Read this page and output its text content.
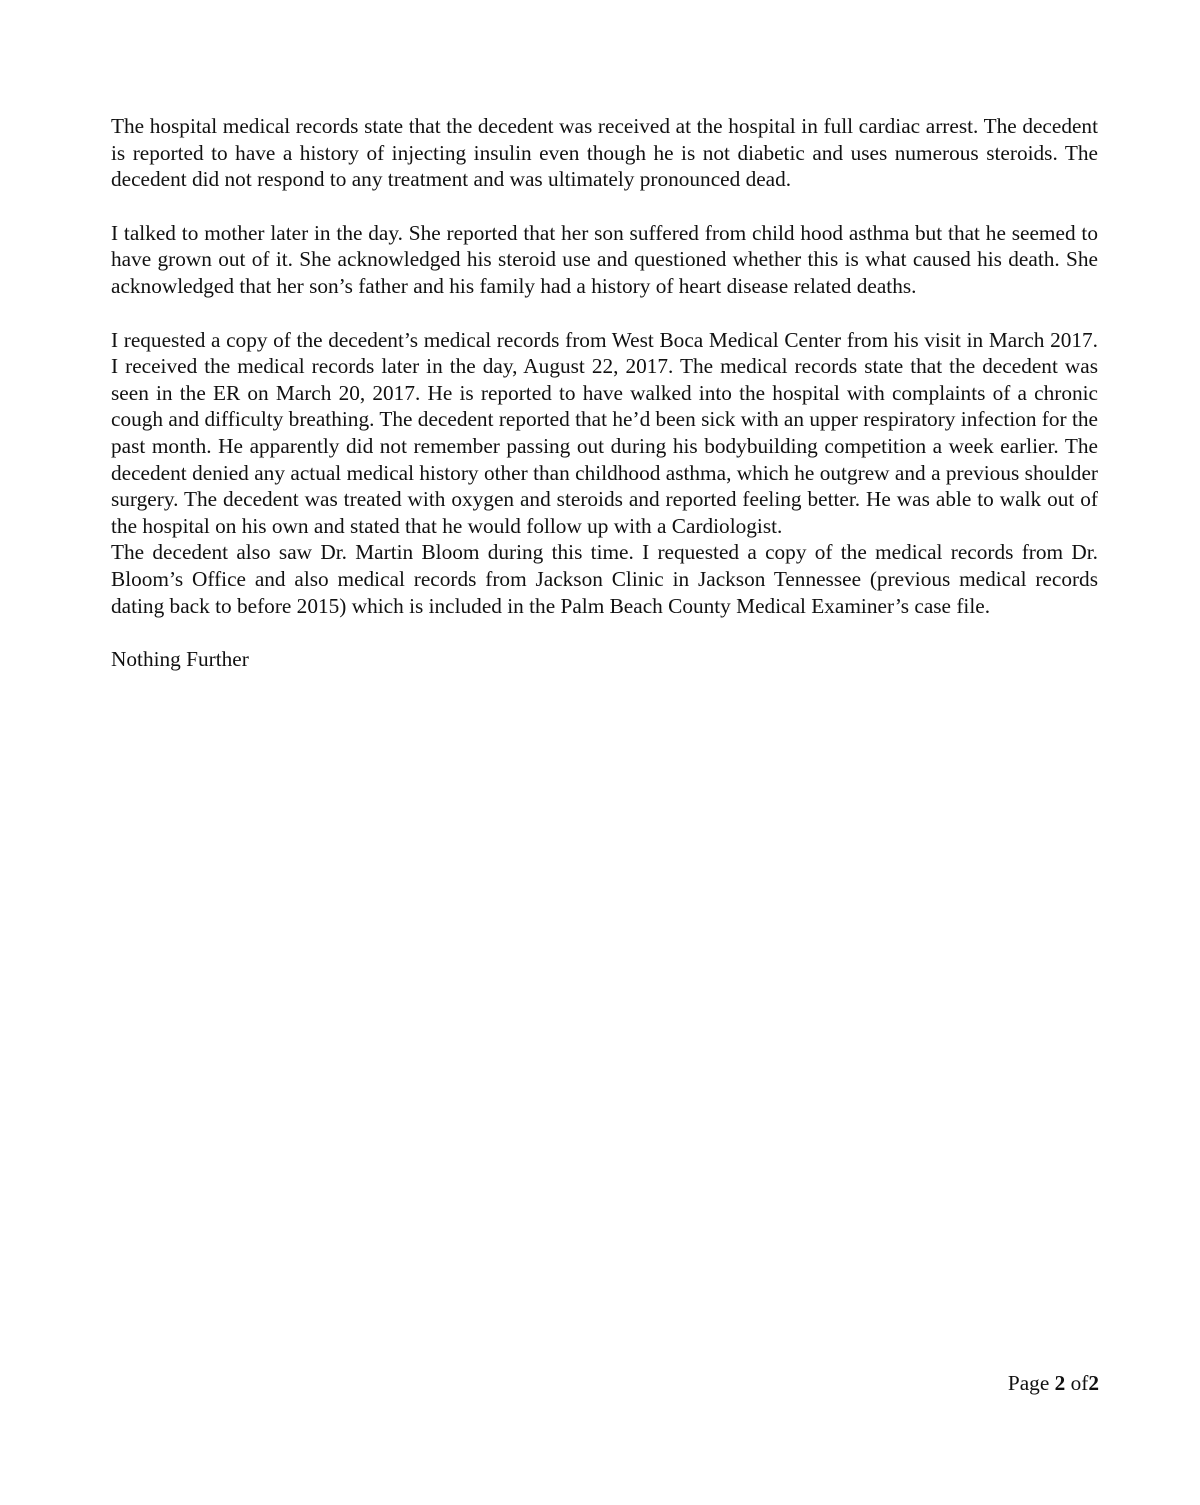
The hospital medical records state that the decedent was received at the hospital in full cardiac arrest. The decedent is reported to have a history of injecting insulin even though he is not diabetic and uses numerous steroids. The decedent did not respond to any treatment and was ultimately pronounced dead.

I talked to mother later in the day. She reported that her son suffered from child hood asthma but that he seemed to have grown out of it. She acknowledged his steroid use and questioned whether this is what caused his death. She acknowledged that her son’s father and his family had a history of heart disease related deaths.

I requested a copy of the decedent’s medical records from West Boca Medical Center from his visit in March 2017. I received the medical records later in the day, August 22, 2017. The medical records state that the decedent was seen in the ER on March 20, 2017. He is reported to have walked into the hospital with complaints of a chronic cough and difficulty breathing. The decedent reported that he’d been sick with an upper respiratory infection for the past month. He apparently did not remember passing out during his bodybuilding competition a week earlier. The decedent denied any actual medical history other than childhood asthma, which he outgrew and a previous shoulder surgery. The decedent was treated with oxygen and steroids and reported feeling better. He was able to walk out of the hospital on his own and stated that he would follow up with a Cardiologist.

The decedent also saw Dr. Martin Bloom during this time. I requested a copy of the medical records from Dr. Bloom’s Office and also medical records from Jackson Clinic in Jackson Tennessee (previous medical records dating back to before 2015) which is included in the Palm Beach County Medical Examiner’s case file.

Nothing Further

Page 2 of2
